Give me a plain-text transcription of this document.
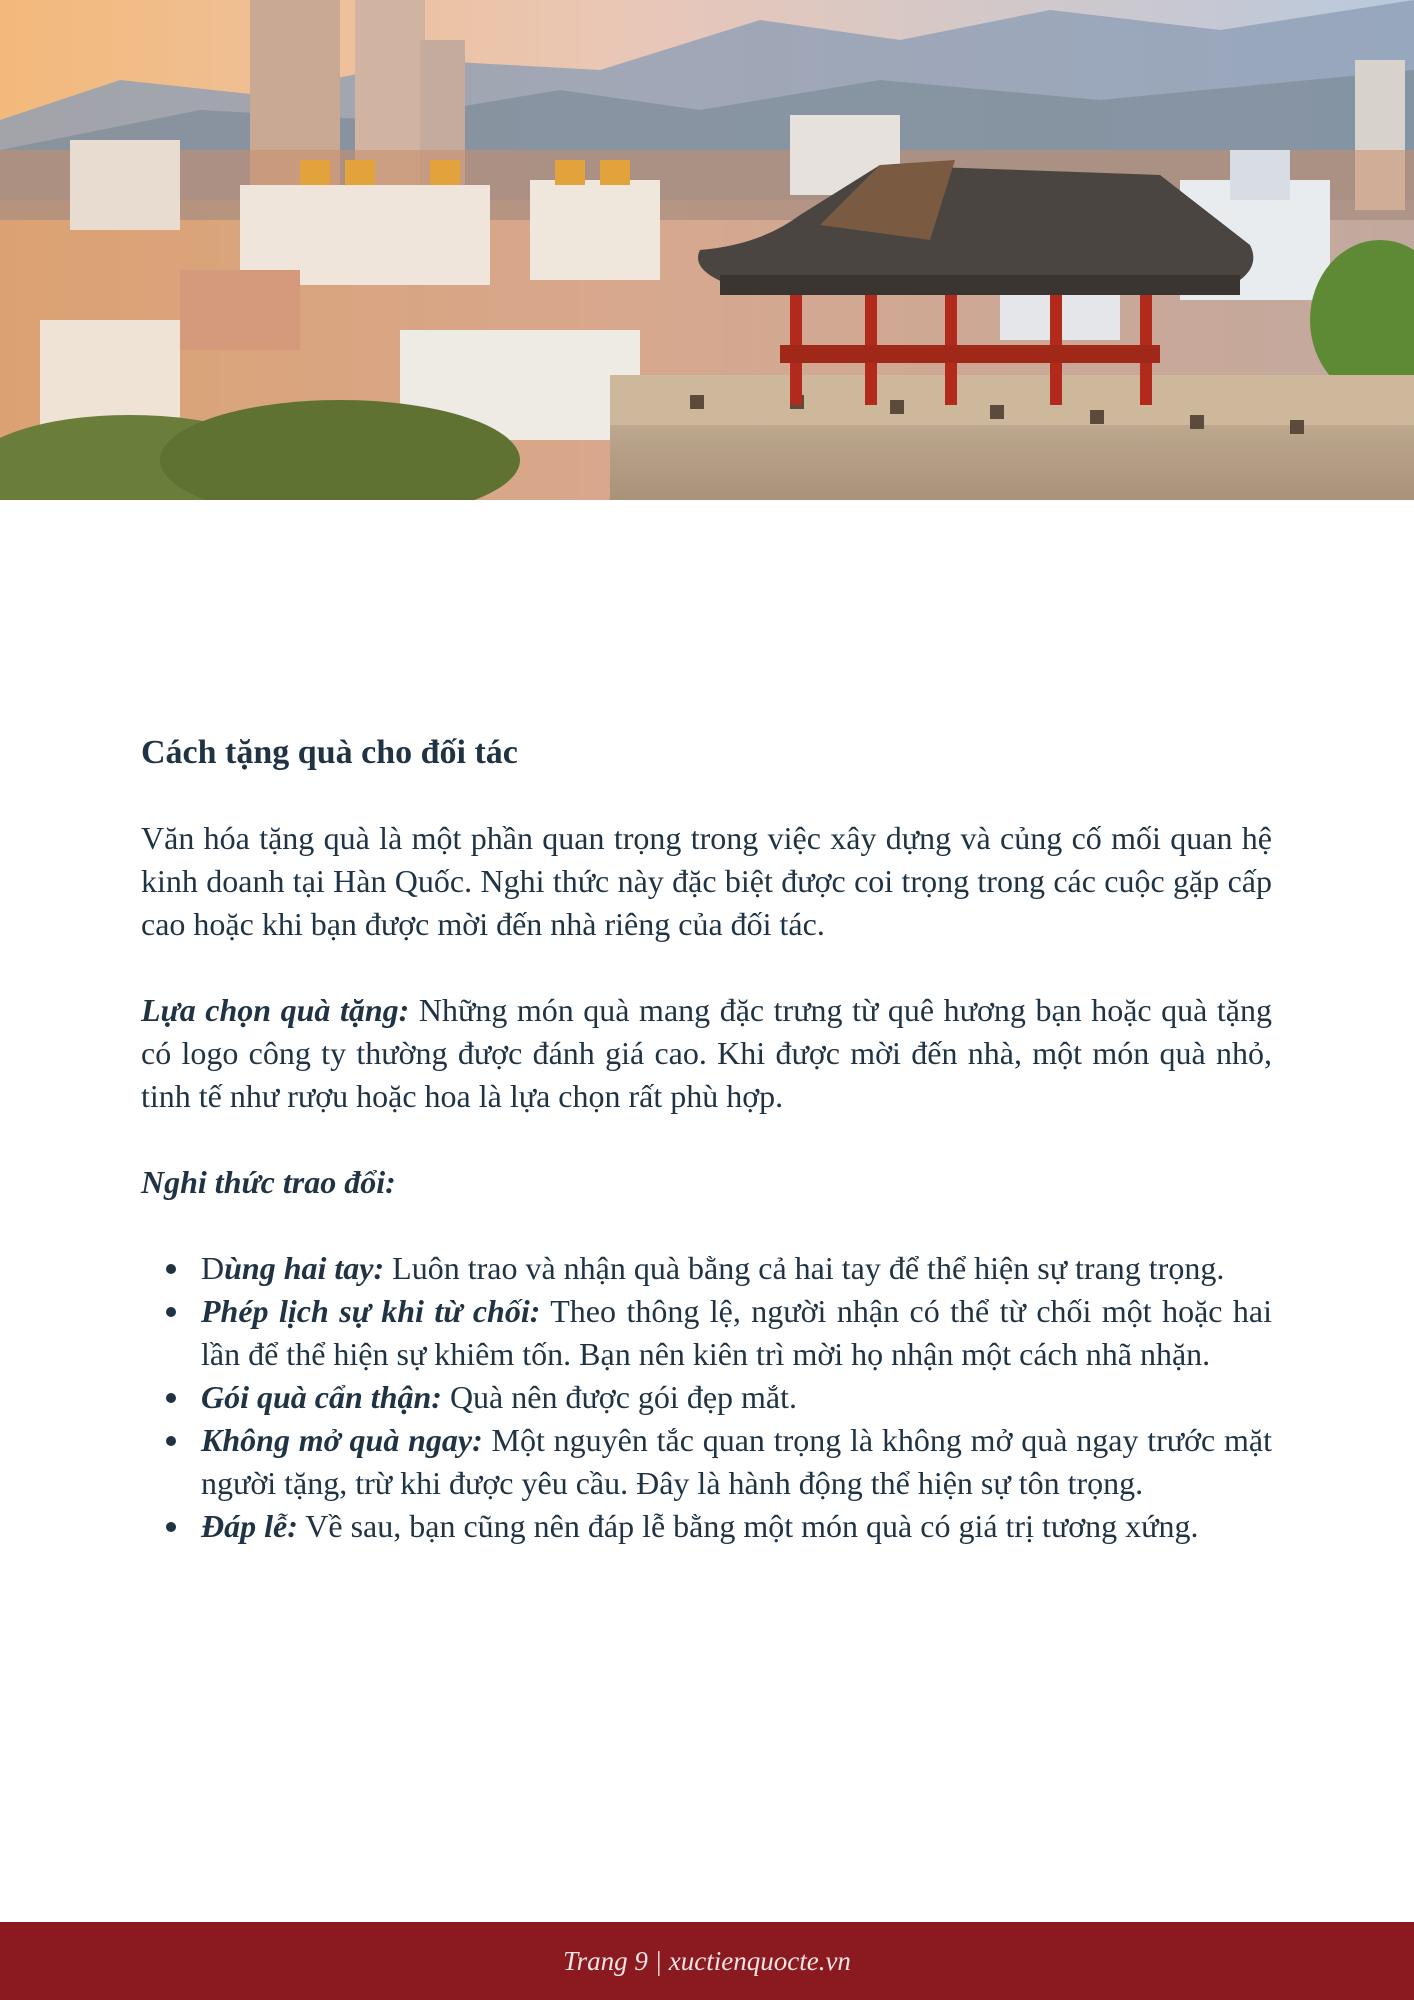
Cách tặng quà cho đối tác

Văn hóa tặng quà là một phần quan trọng trong việc xây dựng và củng cố mối quan hệ kinh doanh tại Hàn Quốc. Nghi thức này đặc biệt được coi trọng trong các cuộc gặp cấp cao hoặc khi bạn được mời đến nhà riêng của đối tác.

Lựa chọn quà tặng: Những món quà mang đặc trưng từ quê hương bạn hoặc quà tặng có logo công ty thường được đánh giá cao. Khi được mời đến nhà, một món quà nhỏ, tinh tế như rượu hoặc hoa là lựa chọn rất phù hợp.

Nghi thức trao đổi:
Dùng hai tay: Luôn trao và nhận quà bằng cả hai tay để thể hiện sự trang trọng.
Phép lịch sự khi từ chối: Theo thông lệ, người nhận có thể từ chối một hoặc hai lần để thể hiện sự khiêm tốn. Bạn nên kiên trì mời họ nhận một cách nhã nhặn.
Gói quà cẩn thận: Quà nên được gói đẹp mắt.
Không mở quà ngay: Một nguyên tắc quan trọng là không mở quà ngay trước mặt người tặng, trừ khi được yêu cầu. Đây là hành động thể hiện sự tôn trọng.
Đáp lễ: Về sau, bạn cũng nên đáp lễ bằng một món quà có giá trị tương xứng.
Trang 9 | xuctienquocte.vn
